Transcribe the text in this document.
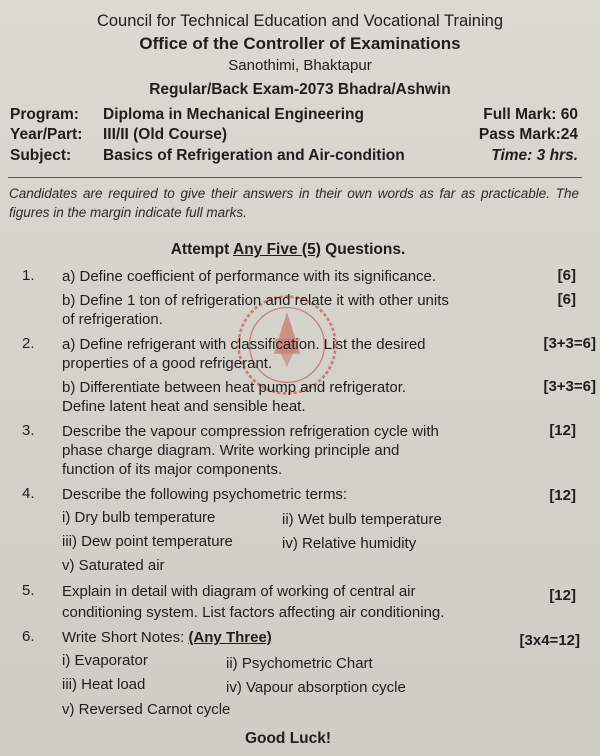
Council for Technical Education and Vocational Training
Office of the Controller of Examinations
Sanothimi, Bhaktapur
Regular/Back Exam-2073 Bhadra/Ashwin
Program: Diploma in Mechanical Engineering	Full Mark: 60
Year/Part: III/II (Old Course)	Pass Mark:24
Subject: Basics of Refrigeration and Air-condition	Time: 3 hrs.
Candidates are required to give their answers in their own words as far as practicable. The figures in the margin indicate full marks.
Attempt Any Five (5) Questions.
1. a) Define coefficient of performance with its significance.	[6]
b) Define 1 ton of refrigeration and relate it with other units
of refrigeration.
[6]
2. a) Define refrigerant with classification. List the desired
properties of a good refrigerant.
[3+3=6]
b) Differentiate between heat pump and refrigerator.
Define latent heat and sensible heat.
[3+3=6]
3. Describe the vapour compression refrigeration cycle with
phase charge diagram. Write working principle and
function of its major components.
[12]
4. Describe the following psychometric terms:	[12]
i) Dry bulb temperature	ii) Wet bulb temperature
iii) Dew point temperature	iv) Relative humidity
v) Saturated air
5. Explain in detail with diagram of working of central air
conditioning system. List factors affecting air conditioning.
[12]
6. Write Short Notes: (Any Three)	[3x4=12]
i) Evaporator	ii) Psychometric Chart
iii) Heat load	iv) Vapour absorption cycle
v) Reversed Carnot cycle
Good Luck!
